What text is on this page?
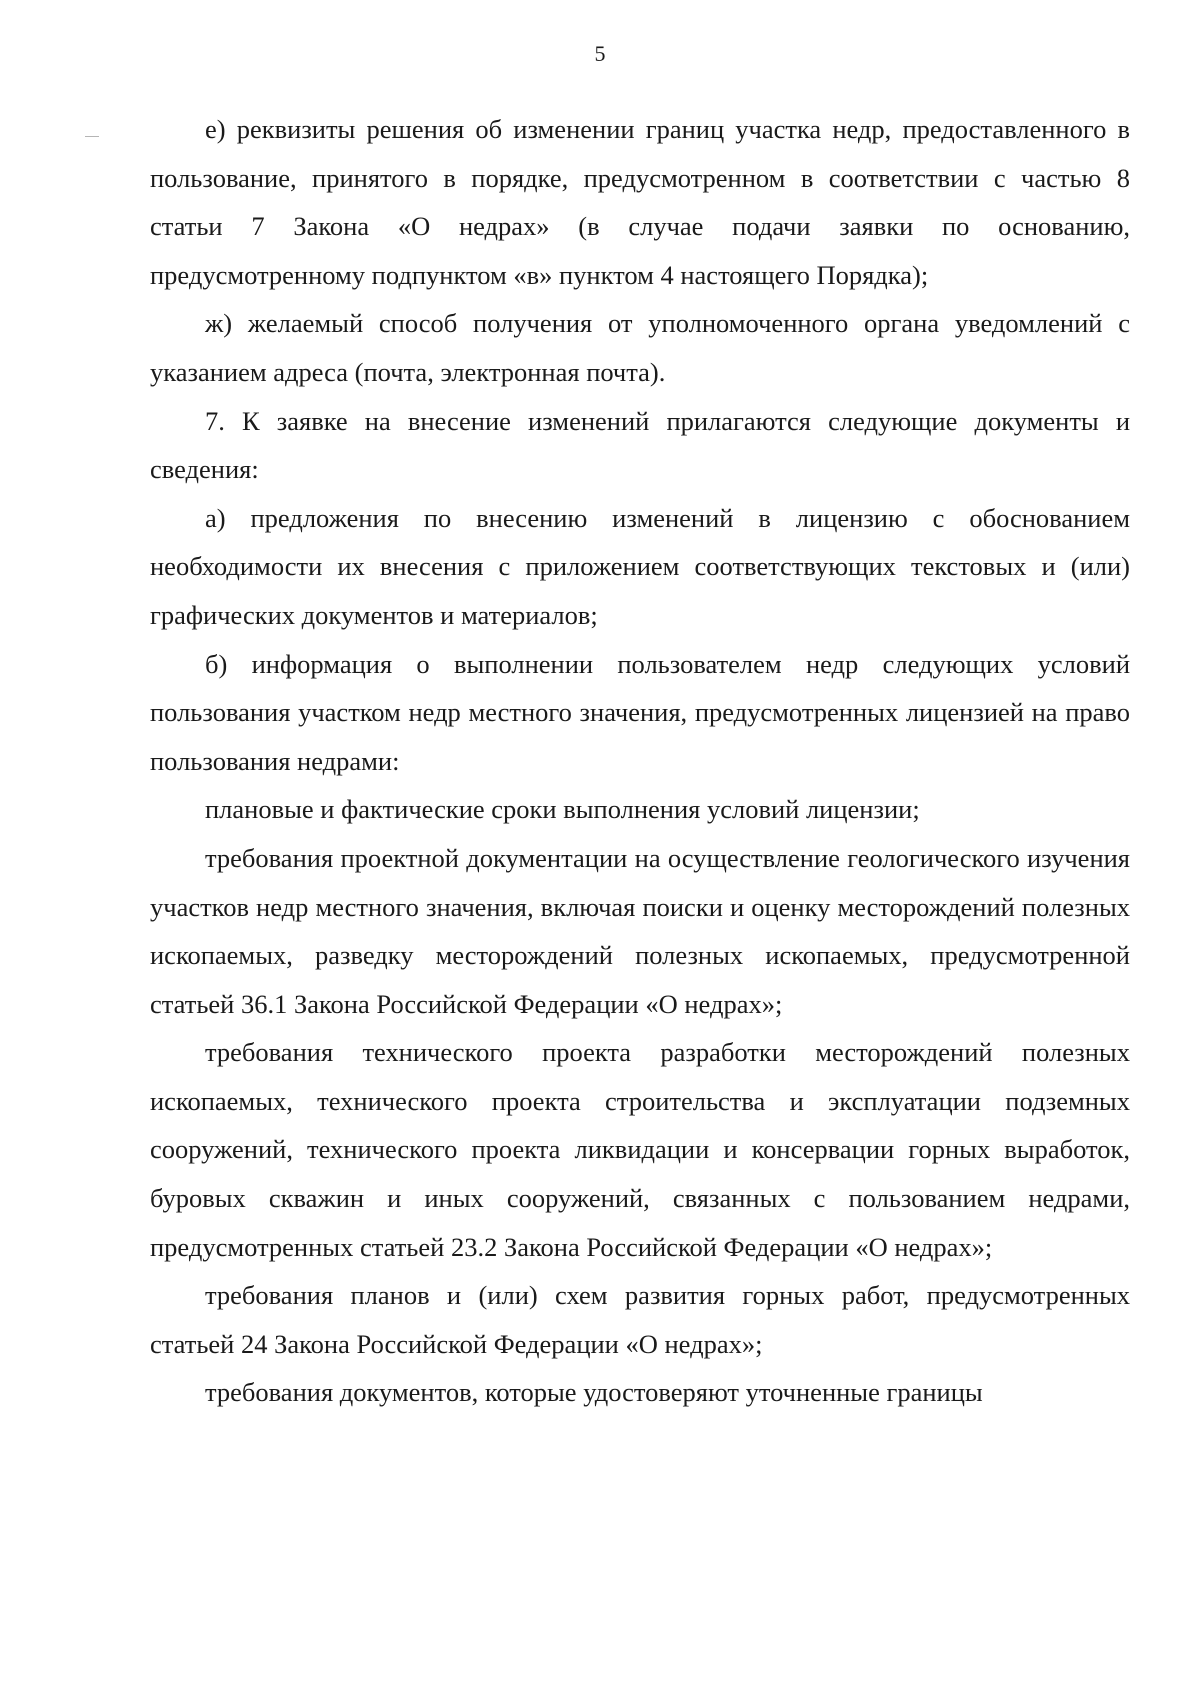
5

е) реквизиты решения об изменении границ участка недр, предоставленного в пользование, принятого в порядке, предусмотренном в соответствии с частью 8 статьи 7 Закона «О недрах» (в случае подачи заявки по основанию, предусмотренному подпунктом «в» пунктом 4 настоящего Порядка);

ж) желаемый способ получения от уполномоченного органа уведомлений с указанием адреса (почта, электронная почта).

7. К заявке на внесение изменений прилагаются следующие документы и сведения:

а) предложения по внесению изменений в лицензию с обоснованием необходимости их внесения с приложением соответствующих текстовых и (или) графических документов и материалов;

б) информация о выполнении пользователем недр следующих условий пользования участком недр местного значения, предусмотренных лицензией на право пользования недрами:

плановые и фактические сроки выполнения условий лицензии;

требования проектной документации на осуществление геологического изучения участков недр местного значения, включая поиски и оценку месторождений полезных ископаемых, разведку месторождений полезных ископаемых, предусмотренной статьей 36.1 Закона Российской Федерации «О недрах»;

требования технического проекта разработки месторождений полезных ископаемых, технического проекта строительства и эксплуатации подземных сооружений, технического проекта ликвидации и консервации горных выработок, буровых скважин и иных сооружений, связанных с пользованием недрами, предусмотренных статьей 23.2 Закона Российской Федерации «О недрах»;

требования планов и (или) схем развития горных работ, предусмотренных статьей 24 Закона Российской Федерации «О недрах»;

требования документов, которые удостоверяют уточненные границы
